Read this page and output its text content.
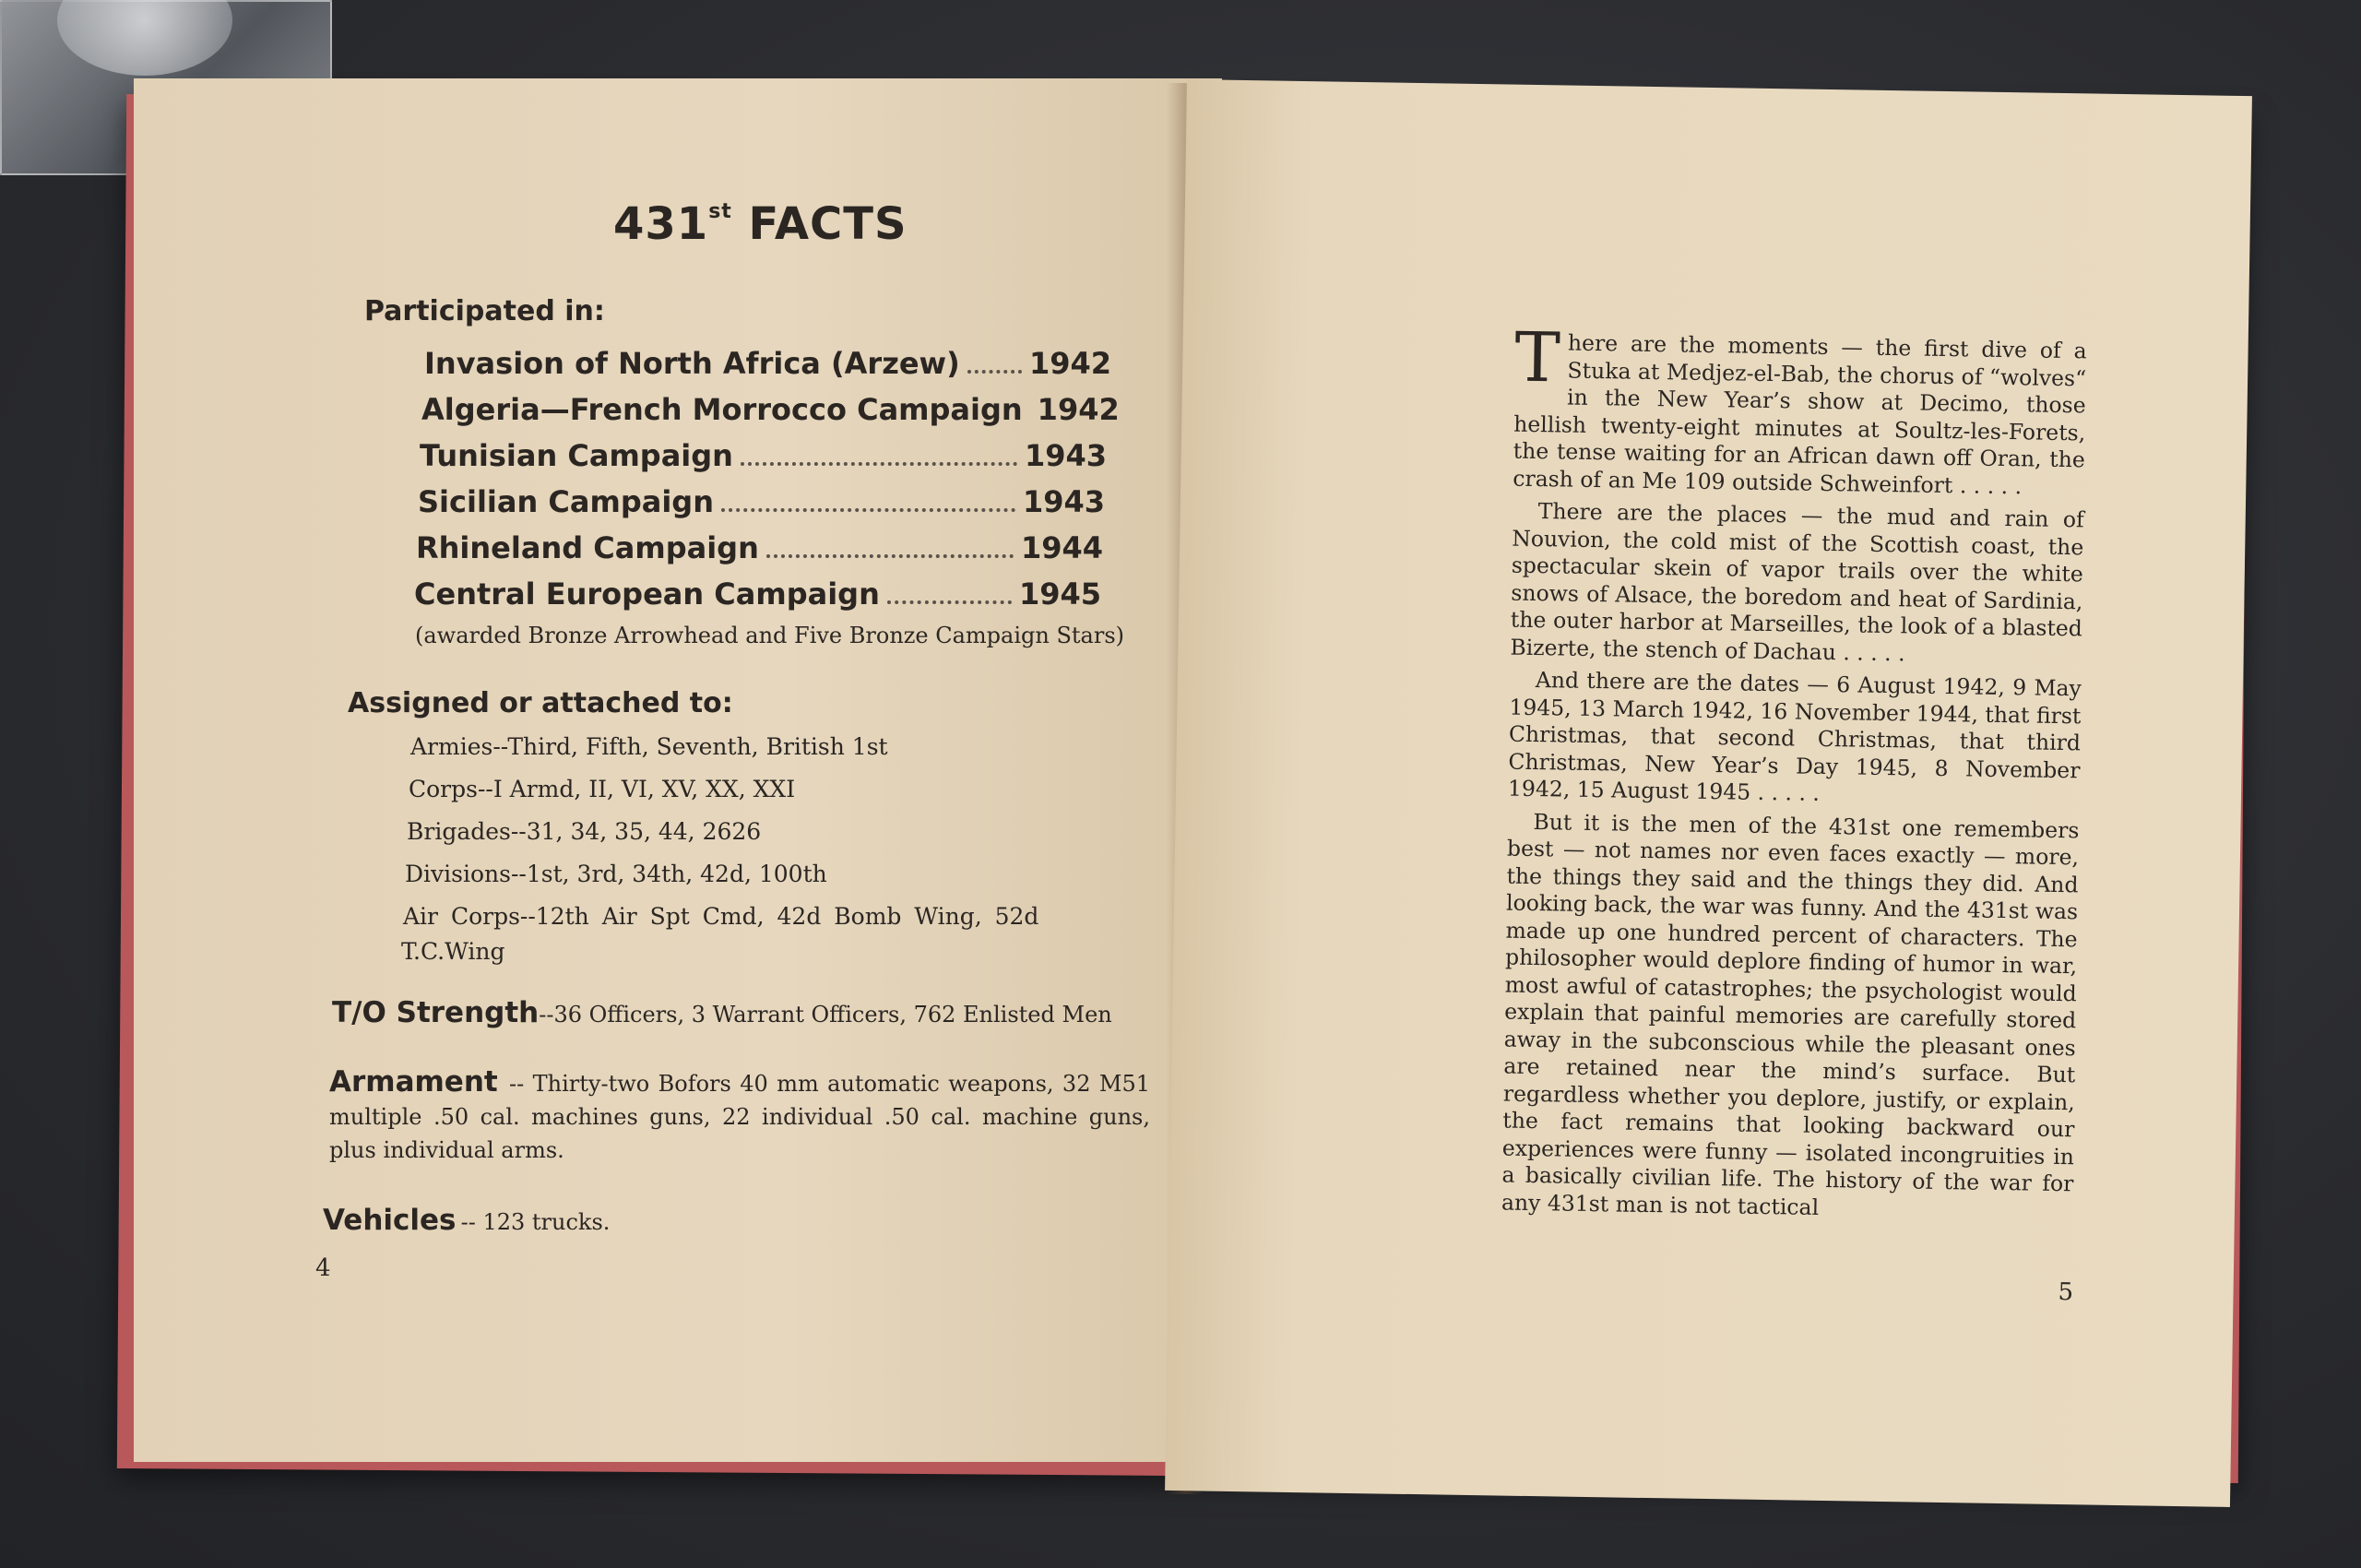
431st FACTS
Participated in:
Invasion of North Africa (Arzew) 1942
Algeria—French Morrocco Campaign 1942
Tunisian Campaign	1943
Sicilian Campaign	1943
Rhineland Campaign	1944
Central European Campaign	1945
(awarded Bronze Arrowhead and Five Bronze Campaign Stars)
Assigned or attached to:
Armies--Third, Fifth, Seventh, British 1st
Corps--I Armd, II, VI, XV, XX, XXI
Brigades--31, 34, 35, 44, 2626
Divisions--1st, 3rd, 34th, 42d, 100th
Air Corps--12th Air Spt Cmd, 42d Bomb Wing, 52d
T.C.Wing
T/O Strength--36 Officers, 3 Warrant Officers, 762 Enlisted Men
Armament -- Thirty-two Bofors 40 mm automatic weapons, 32 M51 multiple .50 cal. machines guns, 22 individual .50 cal. machine guns, plus individual arms.
Vehicles -- 123 trucks.
4

There are the moments — the first dive of a Stuka at Medjez-el-Bab, the chorus of “wolves“ in the New Year’s show at Decimo, those hellish twenty-eight minutes at Soultz-les-Forets, the tense waiting for an African dawn off Oran, the crash of an Me 109 outside Schweinfort . . . . .

There are the places — the mud and rain of Nouvion, the cold mist of the Scottish coast, the spectacular skein of vapor trails over the white snows of Alsace, the boredom and heat of Sardinia, the outer harbor at Marseilles, the look of a blasted Bizerte, the stench of Dachau . . . . .

And there are the dates — 6 August 1942, 9 May 1945, 13 March 1942, 16 November 1944, that first Christmas, that second Christmas, that third Christmas, New Year’s Day 1945, 8 November 1942, 15 August 1945 . . . . .

But it is the men of the 431st one remembers best — not names nor even faces exactly — more, the things they said and the things they did. And looking back, the war was funny. And the 431st was made up one hundred percent of characters. The philosopher would deplore finding of humor in war, most awful of catastrophes; the psychologist would explain that painful memories are carefully stored away in the subconscious while the pleasant ones are retained near the mind’s surface. But regardless whether you deplore, justify, or explain, the fact remains that looking backward our experiences were funny — isolated incongruities in a basically civilian life. The history of the war for any 431st man is not tactical

5
